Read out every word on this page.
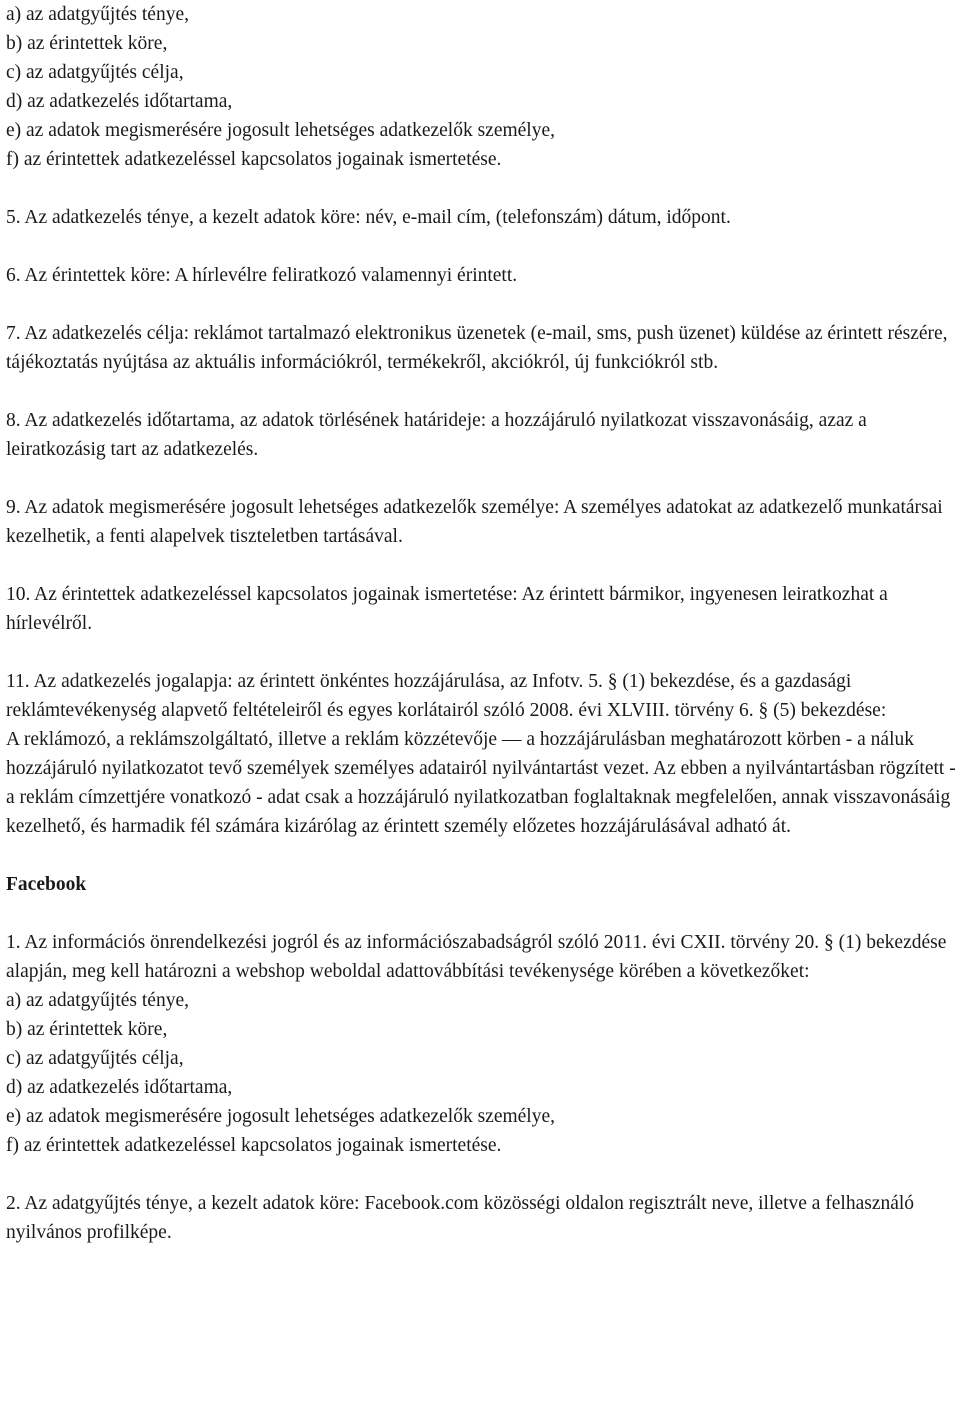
a) az adatgyűjtés ténye,

b) az érintettek köre,

c) az adatgyűjtés célja,

d) az adatkezelés időtartama,

e) az adatok megismerésére jogosult lehetséges adatkezelők személye,

f) az érintettek adatkezeléssel kapcsolatos jogainak ismertetése.

5. Az adatkezelés ténye, a kezelt adatok köre: név, e-mail cím, (telefonszám) dátum, időpont.

6. Az érintettek köre: A hírlevélre feliratkozó valamennyi érintett.

7. Az adatkezelés célja: reklámot tartalmazó elektronikus üzenetek (e-mail, sms, push üzenet) küldése az érintett részére, tájékoztatás nyújtása az aktuális információkról, termékekről, akciókról, új funkciókról stb.

8. Az adatkezelés időtartama, az adatok törlésének határideje: a hozzájáruló nyilatkozat visszavonásáig, azaz a leiratkozásig tart az adatkezelés.

9. Az adatok megismerésére jogosult lehetséges adatkezelők személye: A személyes adatokat az adatkezelő munkatársai kezelhetik, a fenti alapelvek tiszteletben tartásával.

10. Az érintettek adatkezeléssel kapcsolatos jogainak ismertetése: Az érintett bármikor, ingyenesen leiratkozhat a hírlevélről.

11. Az adatkezelés jogalapja: az érintett önkéntes hozzájárulása, az Infotv. 5. § (1) bekezdése, és a gazdasági reklámtevékenység alapvető feltételeiről és egyes korlátairól szóló 2008. évi XLVIII. törvény 6. § (5) bekezdése:

A reklámozó, a reklámszolgáltató, illetve a reklám közzétevője — a hozzájárulásban meghatározott körben - a náluk hozzájáruló nyilatkozatot tevő személyek személyes adatairól nyilvántartást vezet. Az ebben a nyilvántartásban rögzített - a reklám címzettjére vonatkozó - adat csak a hozzájáruló nyilatkozatban foglaltaknak megfelelően, annak visszavonásáig kezelhető, és harmadik fél számára kizárólag az érintett személy előzetes hozzájárulásával adható át.

Facebook

1. Az információs önrendelkezési jogról és az információszabadságról szóló 2011. évi CXII. törvény 20. § (1) bekezdése alapján, meg kell határozni a webshop weboldal adattovábbítási tevékenysége körében a következőket:

a) az adatgyűjtés ténye,

b) az érintettek köre,

c) az adatgyűjtés célja,

d) az adatkezelés időtartama,

e) az adatok megismerésére jogosult lehetséges adatkezelők személye,

f) az érintettek adatkezeléssel kapcsolatos jogainak ismertetése.

2. Az adatgyűjtés ténye, a kezelt adatok köre: Facebook.com közösségi oldalon regisztrált neve, illetve a felhasználó nyilvános profilképe.
